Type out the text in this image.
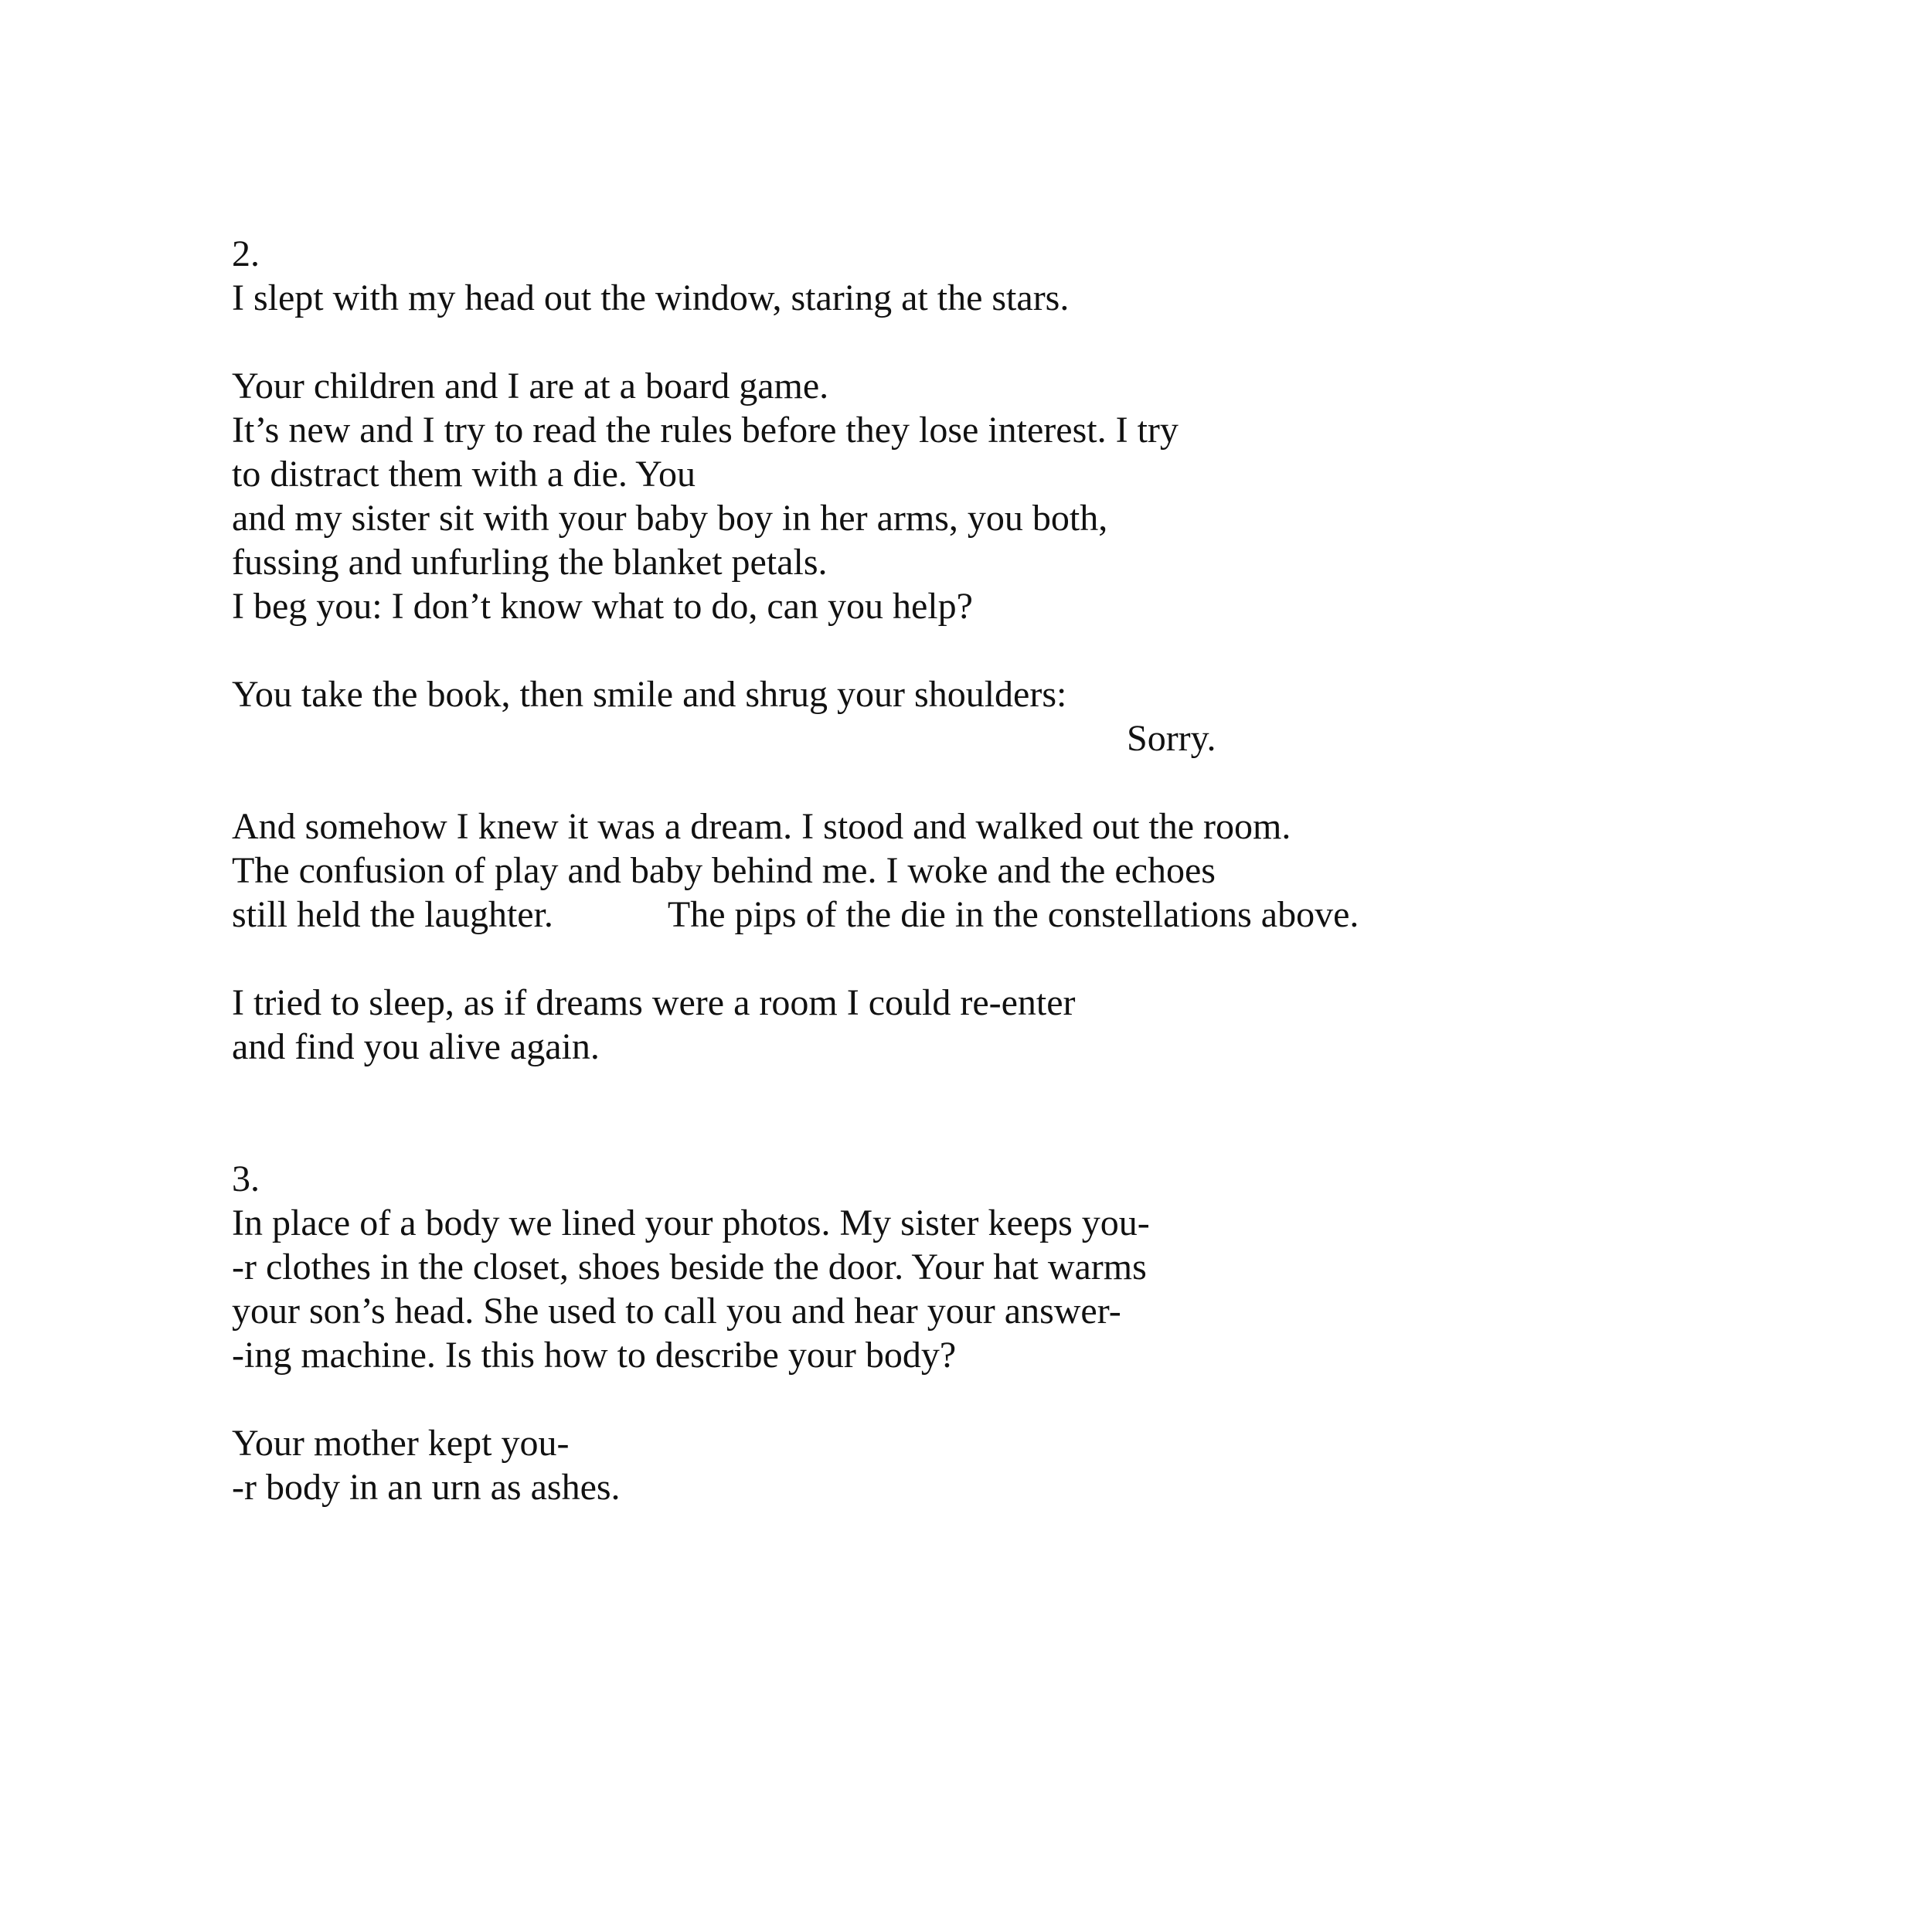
2.
I slept with my head out the window, staring at the stars.
Your children and I are at a board game.
It’s new and I try to read the rules before they lose interest. I try
to distract them with a die. You
and my sister sit with your baby boy in her arms, you both,
fussing and unfurling the blanket petals.
I beg you: I don’t know what to do, can you help?
You take the book, then smile and shrug your shoulders:
Sorry.
And somehow I knew it was a dream. I stood and walked out the room.
The confusion of play and baby behind me. I woke and the echoes
still held the laughter.	The pips of the die in the constellations above.
I tried to sleep, as if dreams were a room I could re-enter
and find you alive again.
3.
In place of a body we lined your photos. My sister keeps you-
-r clothes in the closet, shoes beside the door. Your hat warms
your son’s head. She used to call you and hear your answer-
-ing machine. Is this how to describe your body?
Your mother kept you-
-r body in an urn as ashes.
